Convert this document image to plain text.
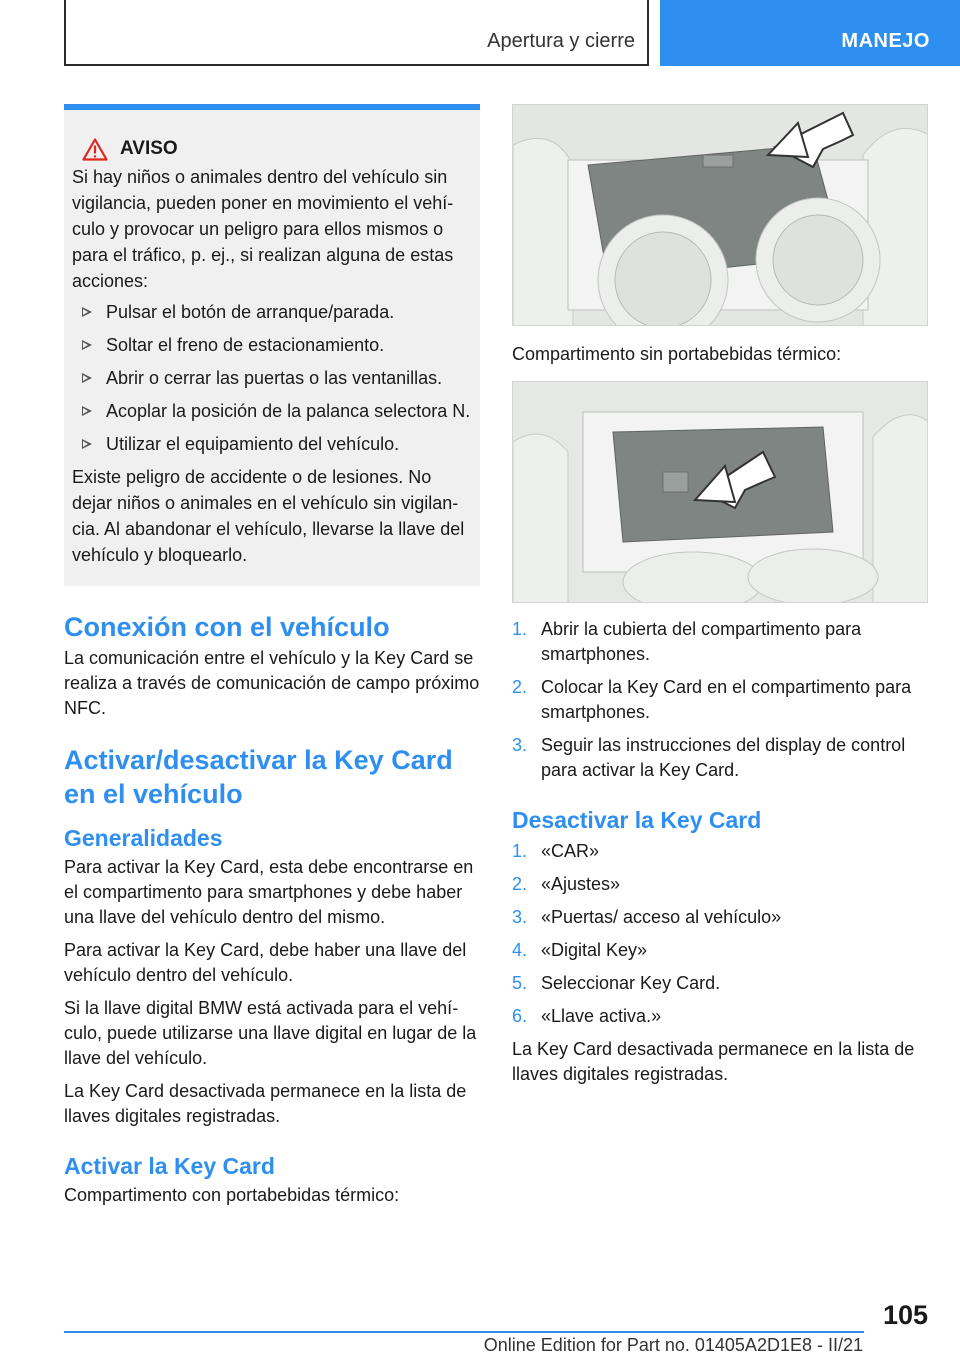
Apertura y cierre	MANEJO
AVISO
Si hay niños o animales dentro del vehículo sin vigilancia, pueden poner en movimiento el vehículo y provocar un peligro para ellos mismos o para el tráfico, p. ej., si realizan alguna de estas acciones:
Pulsar el botón de arranque/parada.
Soltar el freno de estacionamiento.
Abrir o cerrar las puertas o las ventanillas.
Acoplar la posición de la palanca selectora N.
Utilizar el equipamiento del vehículo.
Existe peligro de accidente o de lesiones. No dejar niños o animales en el vehículo sin vigilancia. Al abandonar el vehículo, llevarse la llave del vehículo y bloquearlo.
Conexión con el vehículo

La comunicación entre el vehículo y la Key Card se realiza a través de comunicación de campo próximo NFC.

Activar/desactivar la Key Card en el vehículo
Generalidades

Para activar la Key Card, esta debe encontrarse en el compartimento para smartphones y debe haber una llave del vehículo dentro del mismo.

Para activar la Key Card, debe haber una llave del vehículo dentro del vehículo.

Si la llave digital BMW está activada para el vehículo, puede utilizarse una llave digital en lugar de la llave del vehículo.

La Key Card desactivada permanece en la lista de llaves digitales registradas.

Activar la Key Card

Compartimento con portabebidas térmico:

Compartimento sin portabebidas térmico:

1. Abrir la cubierta del compartimento para smartphones.
2. Colocar la Key Card en el compartimento para smartphones.
3. Seguir las instrucciones del display de control para activar la Key Card.
Desactivar la Key Card
1. «CAR»
2. «Ajustes»
3. «Puertas/ acceso al vehículo»
4. «Digital Key»
5. Seleccionar Key Card.
6. «Llave activa.»

La Key Card desactivada permanece en la lista de llaves digitales registradas.

105
Online Edition for Part no. 01405A2D1E8 - II/21
